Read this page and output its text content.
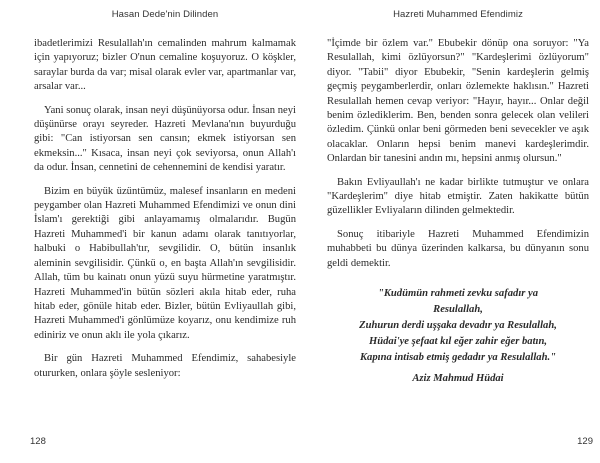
Hasan Dede'nin Dilinden

ibadetlerimizi Resulallah'ın cemalinden mahrum kalmamak için yapıyoruz; bizler O'nun cemaline koşuyoruz. O köşkler, saraylar burda da var; misal olarak evler var, apartmanlar var, arsalar var...

Yani sonuç olarak, insan neyi düşünüyorsa odur. İnsan neyi düşünürse orayı seyreder. Hazreti Mevlana'nın buyurduğu gibi: "Can istiyorsan sen cansın; ekmek istiyorsan sen ekmeksin..." Kısaca, insan neyi çok seviyorsa, onun Allah'ı da odur. İnsan, cennetini de cehennemini de kendisi yaratır.

Bizim en büyük üzüntümüz, malesef insanların en medeni peygamber olan Hazreti Muhammed Efendimizi ve onun dini İslam'ı gerektiği gibi anlayamamış olmalarıdır. Bugün Hazreti Muhammed'i bir kanun adamı olarak tanıtıyorlar, halbuki o Habibullah'tır, sevgilidir. O, bütün insanlık aleminin sevgilisidir. Çünkü o, en başta Allah'ın sevgilisidir. Allah, tüm bu kainatı onun yüzü suyu hürmetine yaratmıştır. Hazreti Muhammed'in bütün sözleri akıla hitab eder, ruha hitab eder, gönüle hitab eder. Bizler, bütün Evliyaullah gibi, Hazreti Muhammed'i gönlümüze koyarız, onu kendimize ruh ediniriz ve onun aklı ile yola çıkarız.

Bir gün Hazreti Muhammed Efendimiz, sahabesiyle otururken, onlara şöyle sesleniyor:

128
Hazreti Muhammed Efendimiz

"İçimde bir özlem var." Ebubekir dönüp ona soruyor: "Ya Resulallah, kimi özlüyorsun?" "Kardeşlerimi özlüyorum" diyor. "Tabii" diyor Ebubekir, "Senin kardeşlerin gelmiş geçmiş peygamberlerdir, onları özlemekte haklısın." Hazreti Resulallah hemen cevap veriyor: "Hayır, hayır... Onlar değil benim özlediklerim. Ben, benden sonra gelecek olan velileri özledim. Çünkü onlar beni görmeden beni sevecekler ve aşık olacaklar. Onların hepsi benim manevi kardeşlerimdir. Onlardan bir tanesini andın mı, hepsini anmış olursun."

Bakın Evliyaullah'ı ne kadar birlikte tutmuştur ve onlara "Kardeşlerim" diye hitab etmiştir. Zaten hakikatte bütün güzellikler Evliyaların dilinden gelmektedir.

Sonuç itibariyle Hazreti Muhammed Efendimizin muhabbeti bu dünya üzerinden kalkarsa, bu dünyanın sonu geldi demektir.

"Kudümün rahmeti zevku safadır ya

Resulallah,

Zuhurun derdi uşşaka devadır ya Resulallah,

Hüdai'ye şefaat kıl eğer zahir eğer batın,

Kapına intisab etmiş gedadır ya Resulallah."

Aziz Mahmud Hüdai
129
